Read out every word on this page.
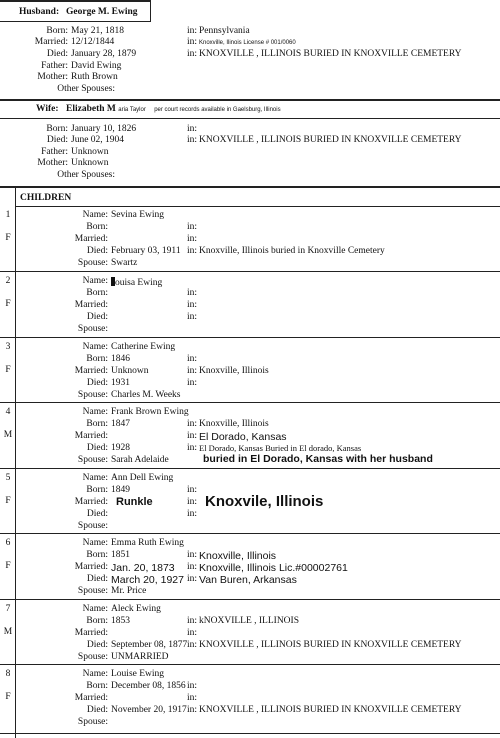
Husband: George M. Ewing
Born: May 21, 1818	in: Pennsylvania
Married: 12/12/1844	in: Knoxville, Ilinois License # 001/0060
Died: January 28, 1879	in: KNOXVILLE , ILLINOIS BURIED IN KNOXVILLE CEMETERY
Father: David Ewing
Mother: Ruth Brown
Other Spouses:
Wife: Elizabeth M aria Taylor per court records available in Gaelsburg, Illinois
Born: January 10, 1826	in:
Died: June 02, 1904	in: KNOXVILLE , ILLINOIS BURIED IN KNOXVILLE CEMETERY
Father: Unknown
Mother: Unknown
Other Spouses:
CHILDREN
1
F
Name: Sevina Ewing
Born:	in:
Married:	in:
Died: February 03, 1911 in: Knoxville, Illinois buried in Knoxville Cemetery
Spouse: Swartz
2
F
Name: ouisa Ewing
Born:	in:
Married:	in:
Died:	in:
Spouse:
3
F
Name: Catherine Ewing
Born: 1846	in:
Married: Unknown	in: Knoxville, Illinois
Died: 1931	in:
Spouse: Charles M. Weeks
4
M
Name: Frank Brown Ewing
Born: 1847	in: Knoxville, Illinois
Married:	in: El Dorado, Kansas
Died: 1928	in: El Dorado, Kansas Buried in El dorado, Kansas
Spouse: Sarah Adelaide	buried in El Dorado, Kansas with her husband
5
F
Name: Ann Dell Ewing
Born: 1849	in:
Married: Runkle	in: Knoxvile, Illinois
Died:	in:
Spouse:
6
F
Name: Emma Ruth Ewing
Born: 1851	in: Knoxville, Illinois
Married: Jan. 20, 1873 in: Knoxville, Illinois Lic.#00002761
Died: March 20, 1927 in: Van Buren, Arkansas
Spouse: Mr. Price
7
M
Name: Aleck Ewing
Born: 1853	in: kNOXVILLE , ILLINOIS
Married:	in:
Died: September 08, 1877 in: KNOXVILLE , ILLINOIS BURIED IN KNOXVILLE CEMETERY
Spouse: UNMARRIED
8
F
Name: Louise Ewing
Born: December 08, 1856 in:
Married:	in:
Died: November 20, 1917 in: KNOXVILLE , ILLINOIS BURIED IN KNOXVILLE CEMETERY
Spouse:
